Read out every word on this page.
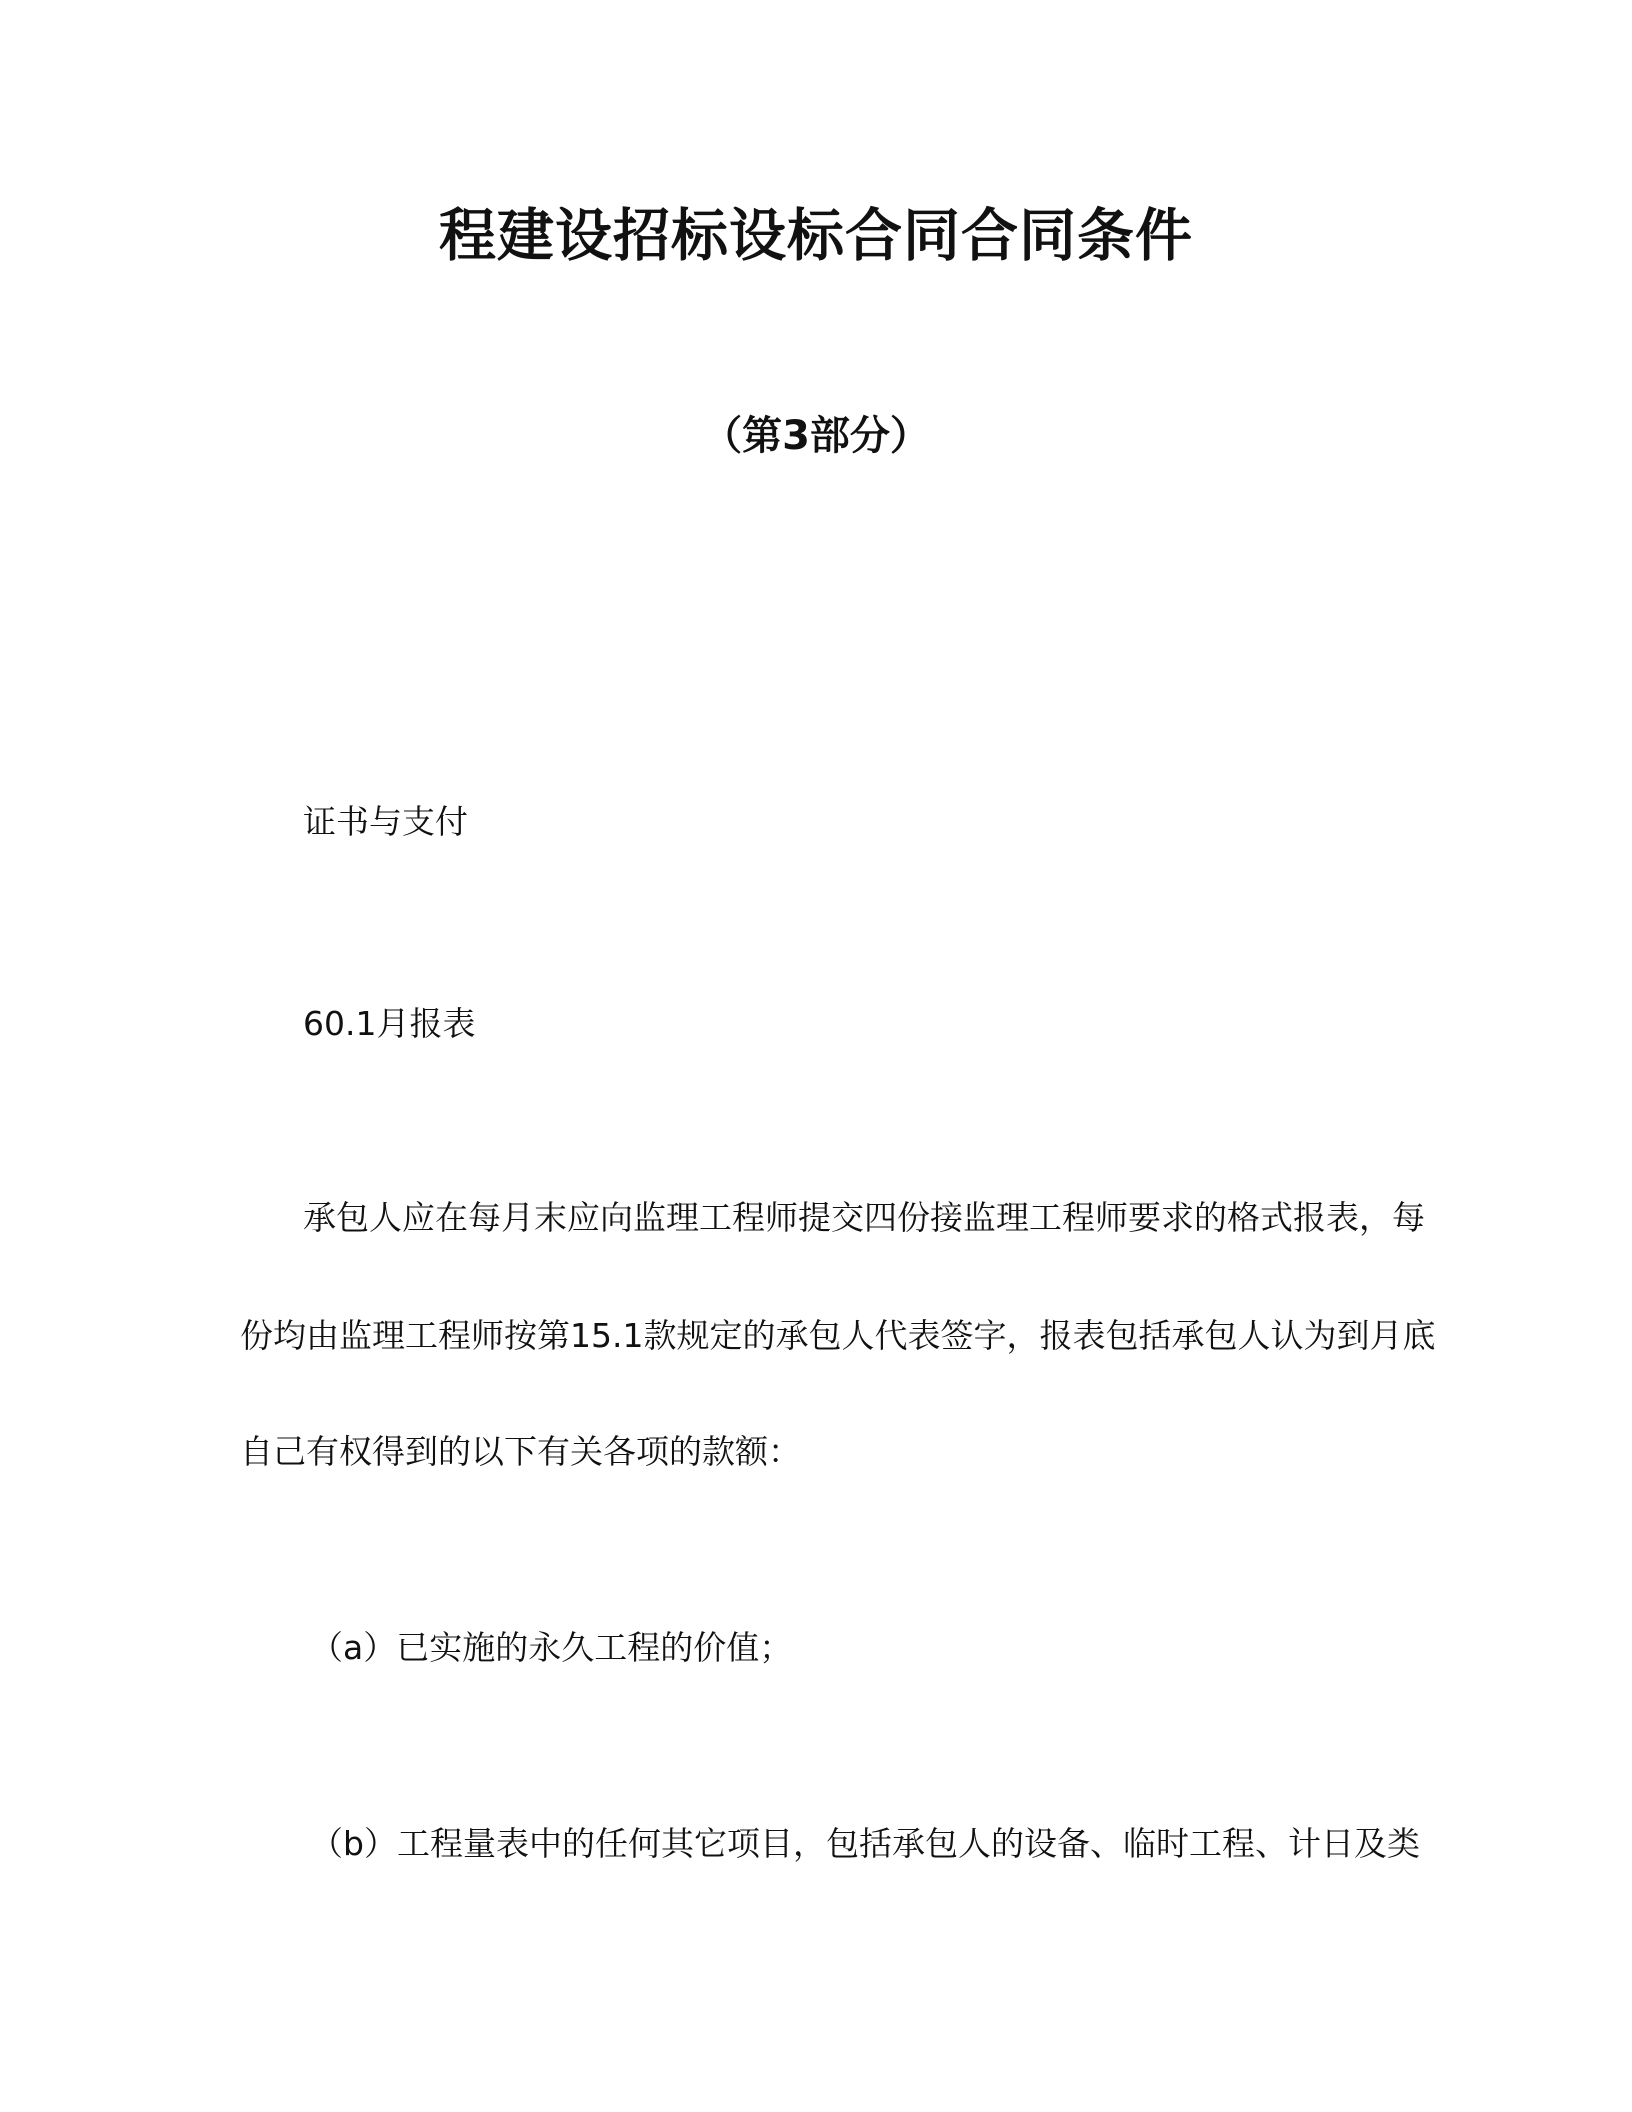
程建设招标设标合同合同条件
（第3部分）
证书与支付
60.1月报表
承包人应在每月末应向监理工程师提交四份接监理工程师要求的格式报表，每
份均由监理工程师按第15.1款规定的承包人代表签字，报表包括承包人认为到月底
自己有权得到的以下有关各项的款额：
（a）已实施的永久工程的价值；
（b）工程量表中的任何其它项目，包括承包人的设备、临时工程、计日及类
